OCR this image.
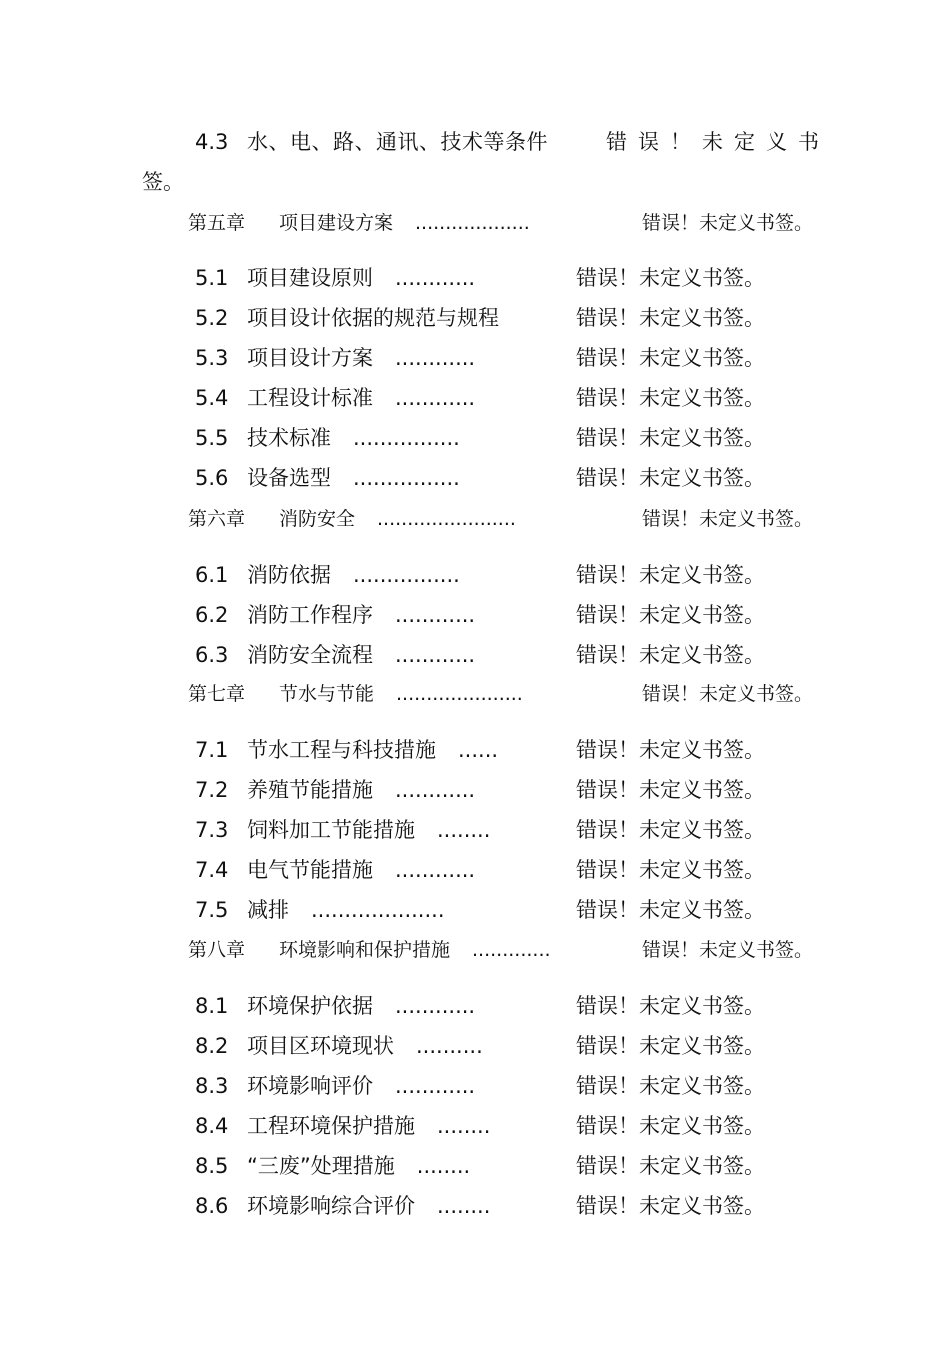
4.3 水、电、路、通讯、技术等条件	错误！未定义书
签。
第五章 项目建设方案 ...................	错误！未定义书签。
5.1 项目建设原则 ............	错误！未定义书签。
5.2 项目设计依据的规范与规程	错误！未定义书签。
5.3 项目设计方案 ............	错误！未定义书签。
5.4 工程设计标准 ............	错误！未定义书签。
5.5 技术标准 ................	错误！未定义书签。
5.6 设备选型 ................	错误！未定义书签。
第六章 消防安全 .......................	错误！未定义书签。
6.1 消防依据 ................	错误！未定义书签。
6.2 消防工作程序 ............	错误！未定义书签。
6.3 消防安全流程 ............	错误！未定义书签。
第七章 节水与节能 .....................	错误！未定义书签。
7.1 节水工程与科技措施 ......	错误！未定义书签。
7.2 养殖节能措施 ............	错误！未定义书签。
7.3 饲料加工节能措施 ........	错误！未定义书签。
7.4 电气节能措施 ............	错误！未定义书签。
7.5 减排 ....................	错误！未定义书签。
第八章 环境影响和保护措施 .............	错误！未定义书签。
8.1 环境保护依据 ............	错误！未定义书签。
8.2 项目区环境现状 ..........	错误！未定义书签。
8.3 环境影响评价 ............	错误！未定义书签。
8.4 工程环境保护措施 ........	错误！未定义书签。
8.5 “三废”处理措施 ........	错误！未定义书签。
8.6 环境影响综合评价 ........	错误！未定义书签。
